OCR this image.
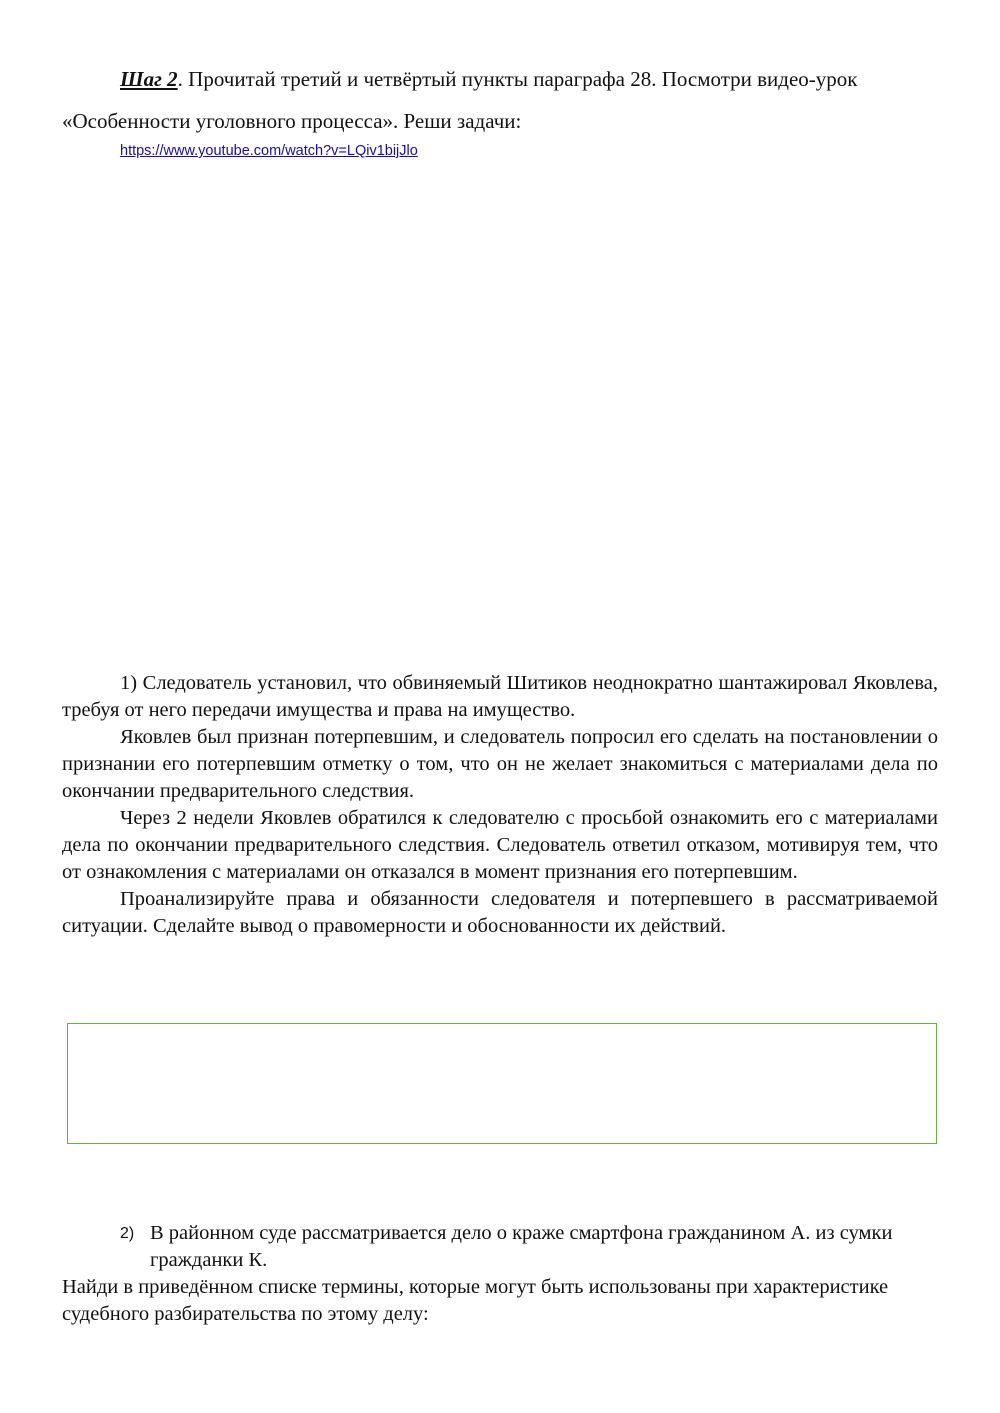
Шаг 2. Прочитай третий и четвёртый пункты параграфа 28. Посмотри видео-урок «Особенности уголовного процесса». Реши задачи:

https://www.youtube.com/watch?v=LQiv1bijJlo

1) Следователь установил, что обвиняемый Шитиков неоднократно шантажировал Яковлева, требуя от него передачи имущества и права на имущество.

Яковлев был признан потерпевшим, и следователь попросил его сделать на постановлении о признании его потерпевшим отметку о том, что он не желает знакомиться с материалами дела по окончании предварительного следствия.

Через 2 недели Яковлев обратился к следователю с просьбой ознакомить его с материалами дела по окончании предварительного следствия. Следователь ответил отказом, мотивируя тем, что от ознакомления с материалами он отказался в момент признания его потерпевшим.

Проанализируйте права и обязанности следователя и потерпевшего в рассматриваемой ситуации. Сделайте вывод о правомерности и обоснованности их действий.

2) В районном суде рассматривается дело о краже смартфона гражданином А. из сумки гражданки К.

Найди в приведённом списке термины, которые могут быть использованы при характеристике судебного разбирательства по этому делу:
